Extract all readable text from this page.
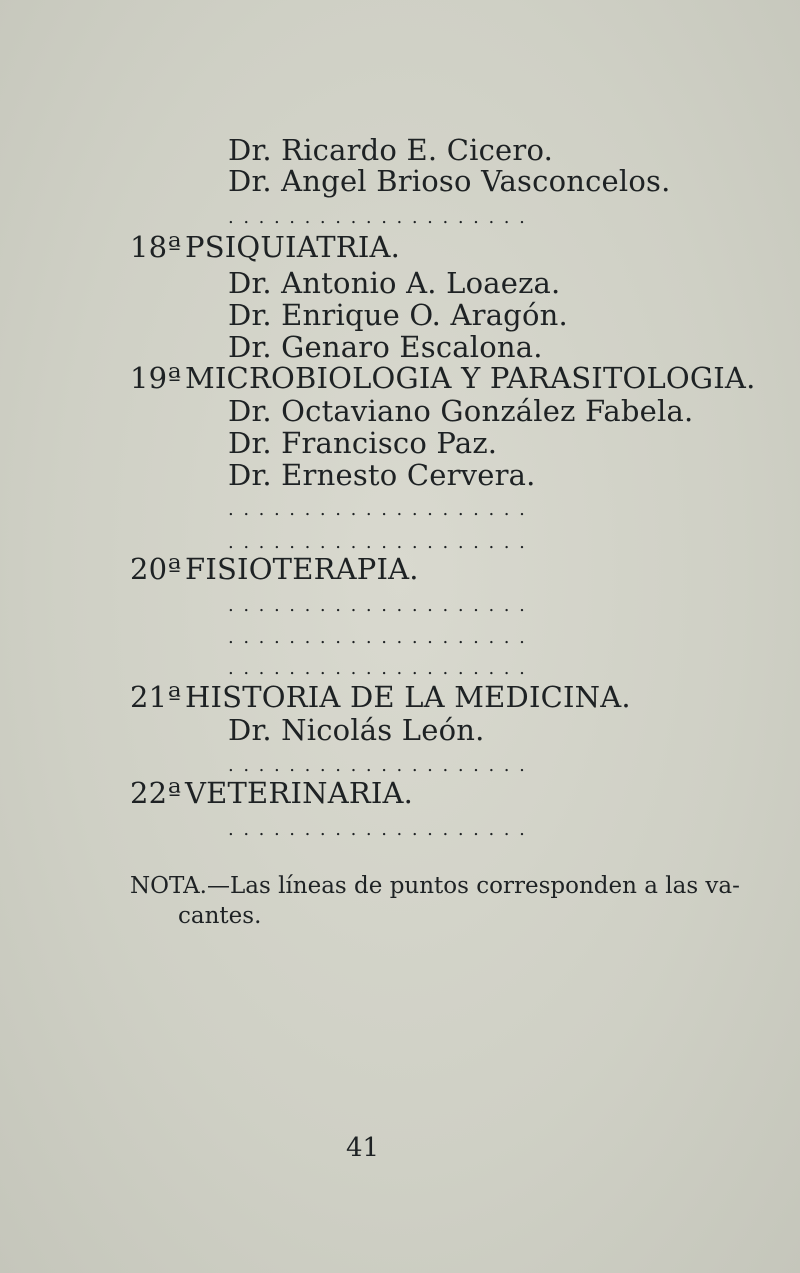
Dr. Ricardo E. Cicero.
Dr. Angel Brioso Vasconcelos.
....................
18ª PSIQUIATRIA.
Dr. Antonio A. Loaeza.
Dr. Enrique O. Aragón.
Dr. Genaro Escalona.
19ª MICROBIOLOGIA Y PARASITOLOGIA.
Dr. Octaviano González Fabela.
Dr. Francisco Paz.
Dr. Ernesto Cervera.
....................
....................
20ª FISIOTERAPIA.
....................
....................
....................
21ª HISTORIA DE LA MEDICINA.
Dr. Nicolás León.
....................
22ª VETERINARIA.
....................
NOTA.—Las líneas de puntos corresponden a las va-
cantes.
41
